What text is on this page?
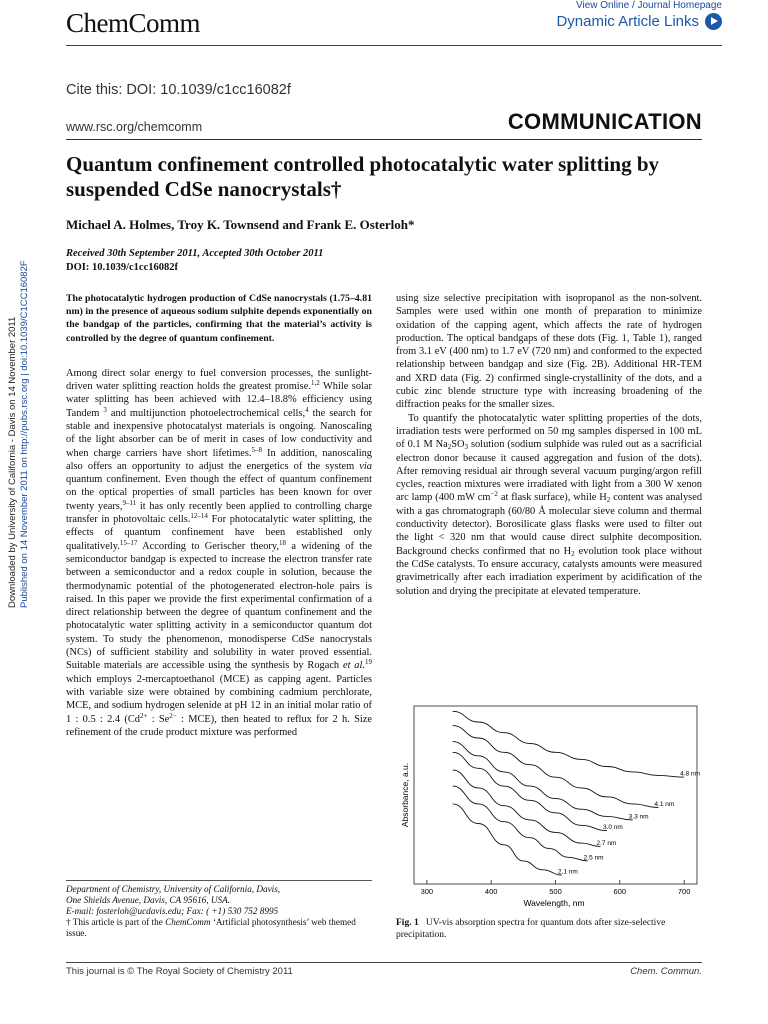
ChemComm
View Online / Journal Homepage
Dynamic Article Links
Cite this: DOI: 10.1039/c1cc16082f
www.rsc.org/chemcomm	COMMUNICATION
Quantum confinement controlled photocatalytic water splitting by suspended CdSe nanocrystals†
Michael A. Holmes, Troy K. Townsend and Frank E. Osterloh*
Received 30th September 2011, Accepted 30th October 2011
DOI: 10.1039/c1cc16082f
Downloaded by University of California - Davis on 14 November 2011 Published on 14 November 2011 on http://pubs.rsc.org | doi:10.1039/C1CC16082F	The photocatalytic hydrogen production of CdSe nanocrystals (1.75–4.81 nm) in the presence of aqueous sodium sulphite depends exponentially on the bandgap of the particles, confirming that the material’s activity is controlled by the degree of quantum confinement.

Among direct solar energy to fuel conversion processes, the sunlight-driven water splitting reaction holds the greatest promise.$^{1,2}$ While solar water splitting has been achieved with 12.4–18.8% efficiency using Tandem $^3$ and multijunction photoelectrochemical cells,$^4$ the search for stable and inexpensive photocatalyst materials is ongoing. Nanoscaling of the light absorber can be of merit in cases of low conductivity and when charge carriers have short lifetimes.$^{5-8}$ In addition, nanoscaling also offers an opportunity to adjust the energetics of the system via quantum confinement. Even though the effect of quantum confinement on the optical properties of small particles has been known for over twenty years,$^{9-11}$ it has only recently been applied to controlling charge transfer in photovoltaic cells.$^{12-14}$ For photocatalytic water splitting, the effects of quantum confinement have been established only qualitatively.$^{15-17}$ According to Gerischer theory,$^{18}$ a widening of the semiconductor bandgap is expected to increase the electron transfer rate between a semiconductor and a redox couple in solution, because the thermodynamic potential of the photogenerated electron-hole pairs is raised. In this paper we provide the first experimental confirmation of a direct relationship between the degree of quantum confinement and the photocatalytic water splitting activity in a semiconductor quantum dot system. To study the phenomenon, monodisperse CdSe nanocrystals (NCs) of sufficient stability and solubility in water proved essential. Suitable materials are accessible using the synthesis by Rogach et al.$^{19}$ which employs 2-mercaptoethanol (MCE) as capping agent. Particles with variable size were obtained by combining cadmium perchlorate, MCE, and sodium hydrogen selenide at pH 12 in an initial molar ratio of 1 : 0.5 : 2.4 ($Cd^{2+}$ : $Se^{2-}$ : MCE), then heated to reflux for 2 h. Size refinement of the crude product mixture was performed

using size selective precipitation with isopropanol as the non-solvent. Samples were used within one month of preparation to minimize oxidation of the capping agent, which affects the rate of hydrogen production. The optical bandgaps of these dots (Fig. 1, Table 1), ranged from 3.1 eV (400 nm) to 1.7 eV (720 nm) and conformed to the expected relationship between bandgap and size (Fig. 2B). Additional HR-TEM and XRD data (Fig. 2) confirmed single-crystallinity of the dots, and a cubic zinc blende structure type with increasing broadening of the diffraction peaks for the smaller sizes.

To quantify the photocatalytic water splitting properties of the dots, irradiation tests were performed on 50 mg samples dispersed in 100 mL of 0.1 M $Na_2SO_3$ solution (sodium sulphide was ruled out as a sacrificial electron donor because it caused aggregation and fusion of the dots). After removing residual air through several vacuum purging/argon refill cycles, reaction mixtures were irradiated with light from a 300 W xenon arc lamp (400 mW $cm^{-2}$ at flask surface), while $H_2$ content was analysed with a gas chromatograph (60/80 Å molecular sieve column and thermal conductivity detector). Borosilicate glass flasks were used to filter out the light < 320 nm that would cause direct sulphite decomposition. Background checks confirmed that no $H_2$ evolution took place without the CdSe catalysts. To ensure accuracy, catalysts amounts were measured gravimetrically after each irradiation experiment by acidification of the solution and drying the precipitate at elevated temperature.

300	400	500	600	700
4.8 nm
4.1 nm
3.3 nm
3.0 nm
2.7 nm
2.5 nm
2.1 nm
Wavelength, nm
Absorbance, a.u.
Fig. 1 UV-vis absorption spectra for quantum dots after size-selective precipitation.
Department of Chemistry, University of California, Davis,
One Shields Avenue, Davis, CA 95616, USA.
E-mail: fosterloh@ucdavis.edu; Fax: ( +1) 530 752 8995
† This article is part of the ChemComm ‘Artificial photosynthesis’ web themed issue.
This journal is © The Royal Society of Chemistry 2011	Chem. Commun.
